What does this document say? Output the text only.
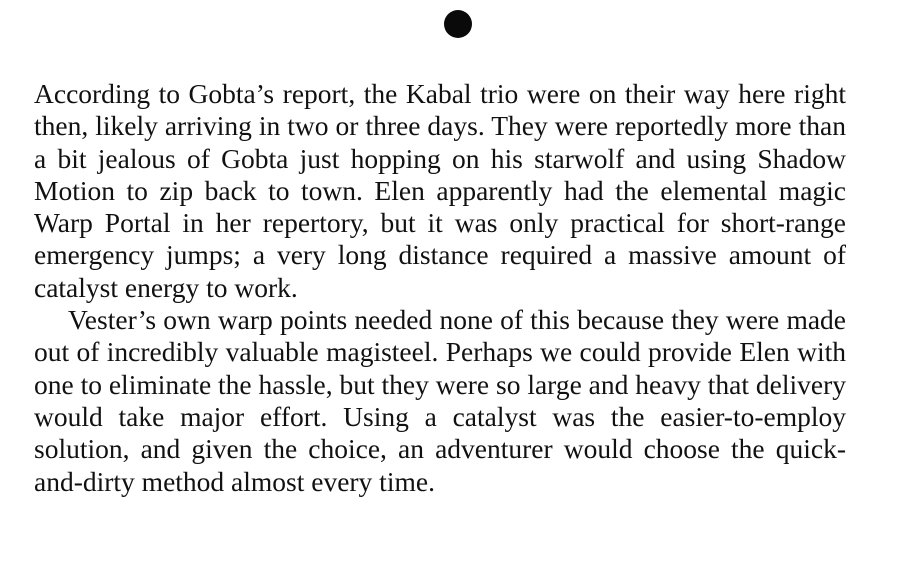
According to Gobta’s report, the Kabal trio were on their way here right then, likely arriving in two or three days. They were reportedly more than a bit jealous of Gobta just hopping on his starwolf and using Shadow Motion to zip back to town. Elen apparently had the elemental magic Warp Portal in her repertory, but it was only practical for short-range emergency jumps; a very long distance required a massive amount of catalyst energy to work.

Vester’s own warp points needed none of this because they were made out of incredibly valuable magisteel. Perhaps we could provide Elen with one to eliminate the hassle, but they were so large and heavy that delivery would take major effort. Using a catalyst was the easier-to-employ solution, and given the choice, an adventurer would choose the quick-and-dirty method almost every time.
